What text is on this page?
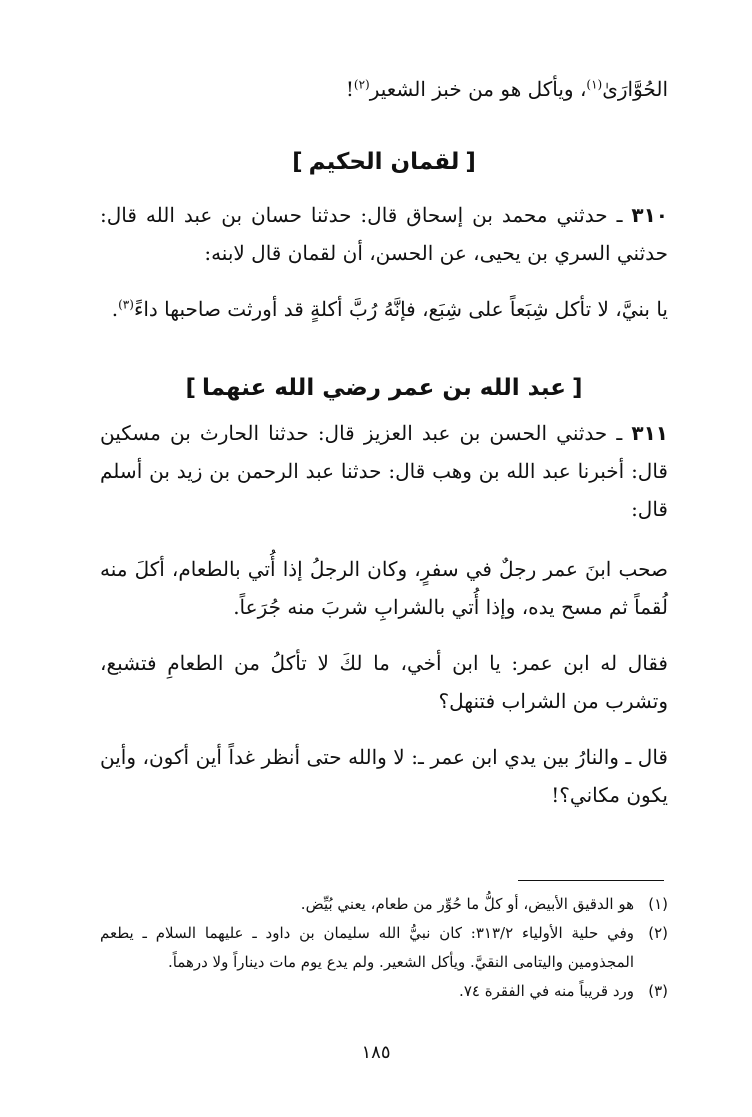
الحُوَّارَىٰ$^{(١)}$، ويأكل هو من خبز الشعير$^{(٢)}$!

[لقمان الحكيم]

٣١٠ ـ حدثني محمد بن إسحاق قال: حدثنا حسان بن عبد الله قال: حدثني السري بن يحيى، عن الحسن، أن لقمان قال لابنه:

يا بنيَّ، لا تأكل شِبَعاً على شِبَع، فإنَّهُ رُبَّ أكلةٍ قد أورثت صاحبها داءً$^{(٣)}$.

[عبد الله بن عمر رضي الله عنهما]

٣١١ ـ حدثني الحسن بن عبد العزيز قال: حدثنا الحارث بن مسكين قال: أخبرنا عبد الله بن وهب قال: حدثنا عبد الرحمن بن زيد بن أسلم قال:

صحب ابنَ عمر رجلٌ في سفرٍ، وكان الرجلُ إذا أُتي بالطعام، أكلَ منه لُقماً ثم مسح يده، وإذا أُتي بالشرابِ شربَ منه جُرَعاً.

فقال له ابن عمر: يا ابن أخي، ما لكَ لا تأكلُ من الطعامِ فتشبع، وتشرب من الشراب فتنهل؟

قال ـ والنارُ بين يدي ابن عمر ـ: لا والله حتى أنظر غداً أين أكون، وأين يكون مكاني؟!

(١)
هو الدقيق الأبيض، أو كلُّ ما حُوِّر من طعام، يعني بُيِّض.
(٢)
وفي حلية الأولياء ٣١٣/٢: كان نبيُّ الله سليمان بن داود ـ عليهما السلام ـ يطعم المجذومين واليتامى النقيَّ. ويأكل الشعير. ولم يدع يوم مات ديناراً ولا درهماً.
(٣)
ورد قريباً منه في الفقرة ٧٤.
١٨٥
